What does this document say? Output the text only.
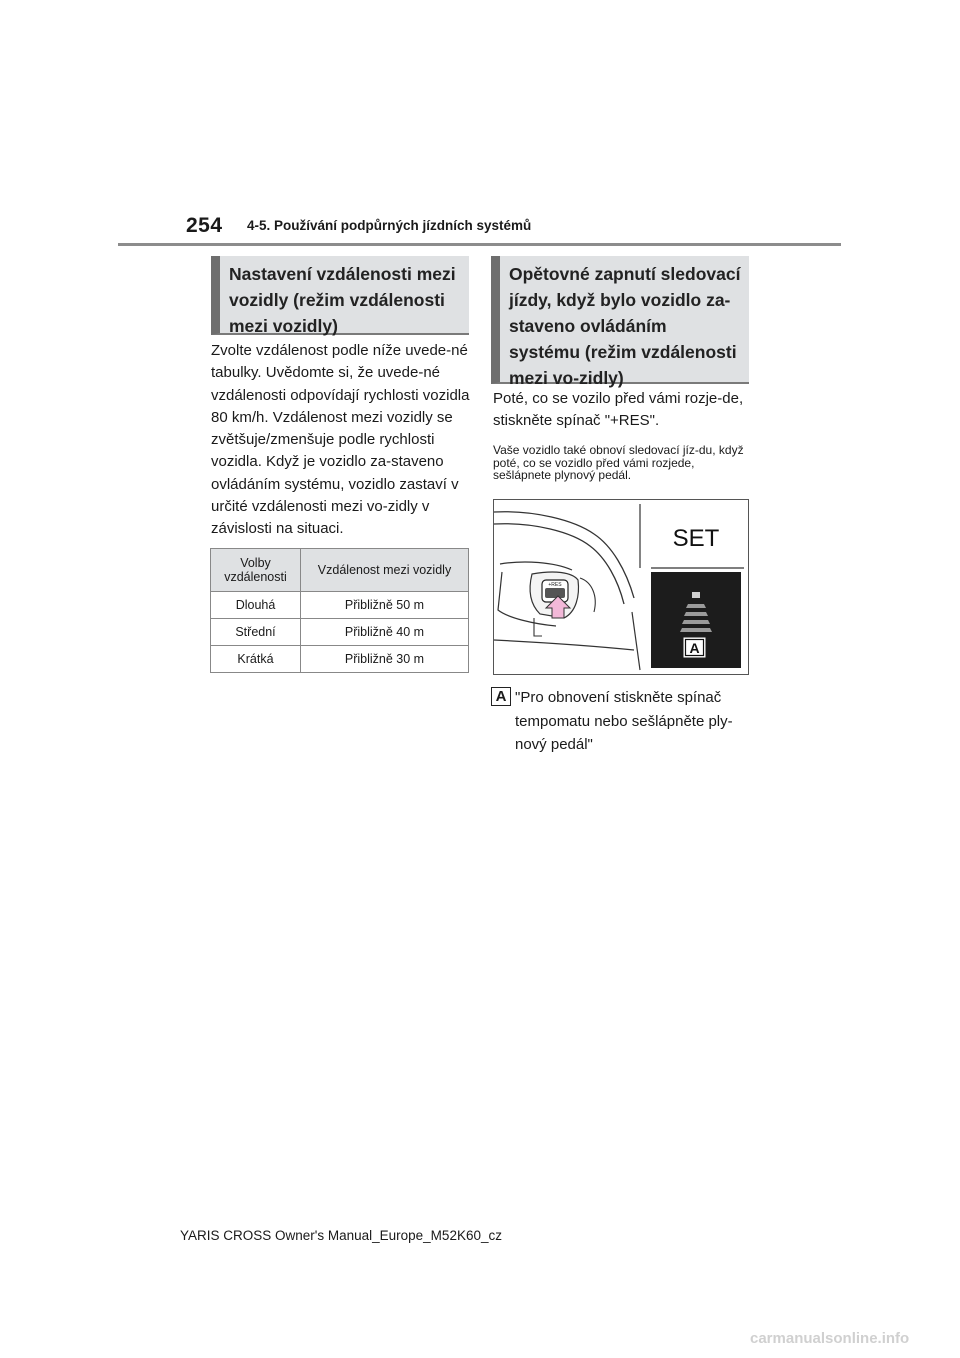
254 4-5. Používání podpůrných jízdních systémů
Nastavení vzdálenosti mezi vozidly (režim vzdálenosti mezi vozidly)
Zvolte vzdálenost podle níže uvede-né tabulky. Uvědomte si, že uvede-né vzdálenosti odpovídají rychlosti vozidla 80 km/h. Vzdálenost mezi vozidly se zvětšuje/zmenšuje podle rychlosti vozidla. Když je vozidlo za-staveno ovládáním systému, vozidlo zastaví v určité vzdálenosti mezi vo-zidly v závislosti na situaci.
Volby vzdálenosti	Vzdálenost mezi vozidly
Dlouhá	Přibližně 50 m
Střední	Přibližně 40 m
Krátká	Přibližně 30 m
Opětovné zapnutí sledovací jízdy, když bylo vozidlo za-staveno ovládáním systému (režim vzdálenosti mezi vo-zidly)
Poté, co se vozilo před vámi rozje-de, stiskněte spínač "+RES".
Vaše vozidlo také obnoví sledovací jíz-du, když poté, co se vozidlo před vámi rozjede, sešlápnete plynový pedál.
+RES
SET
A
A "Pro obnovení stiskněte spínač tempomatu nebo sešlápněte ply-nový pedál"
YARIS CROSS Owner's Manual_Europe_M52K60_cz
carmanualsonline.info
